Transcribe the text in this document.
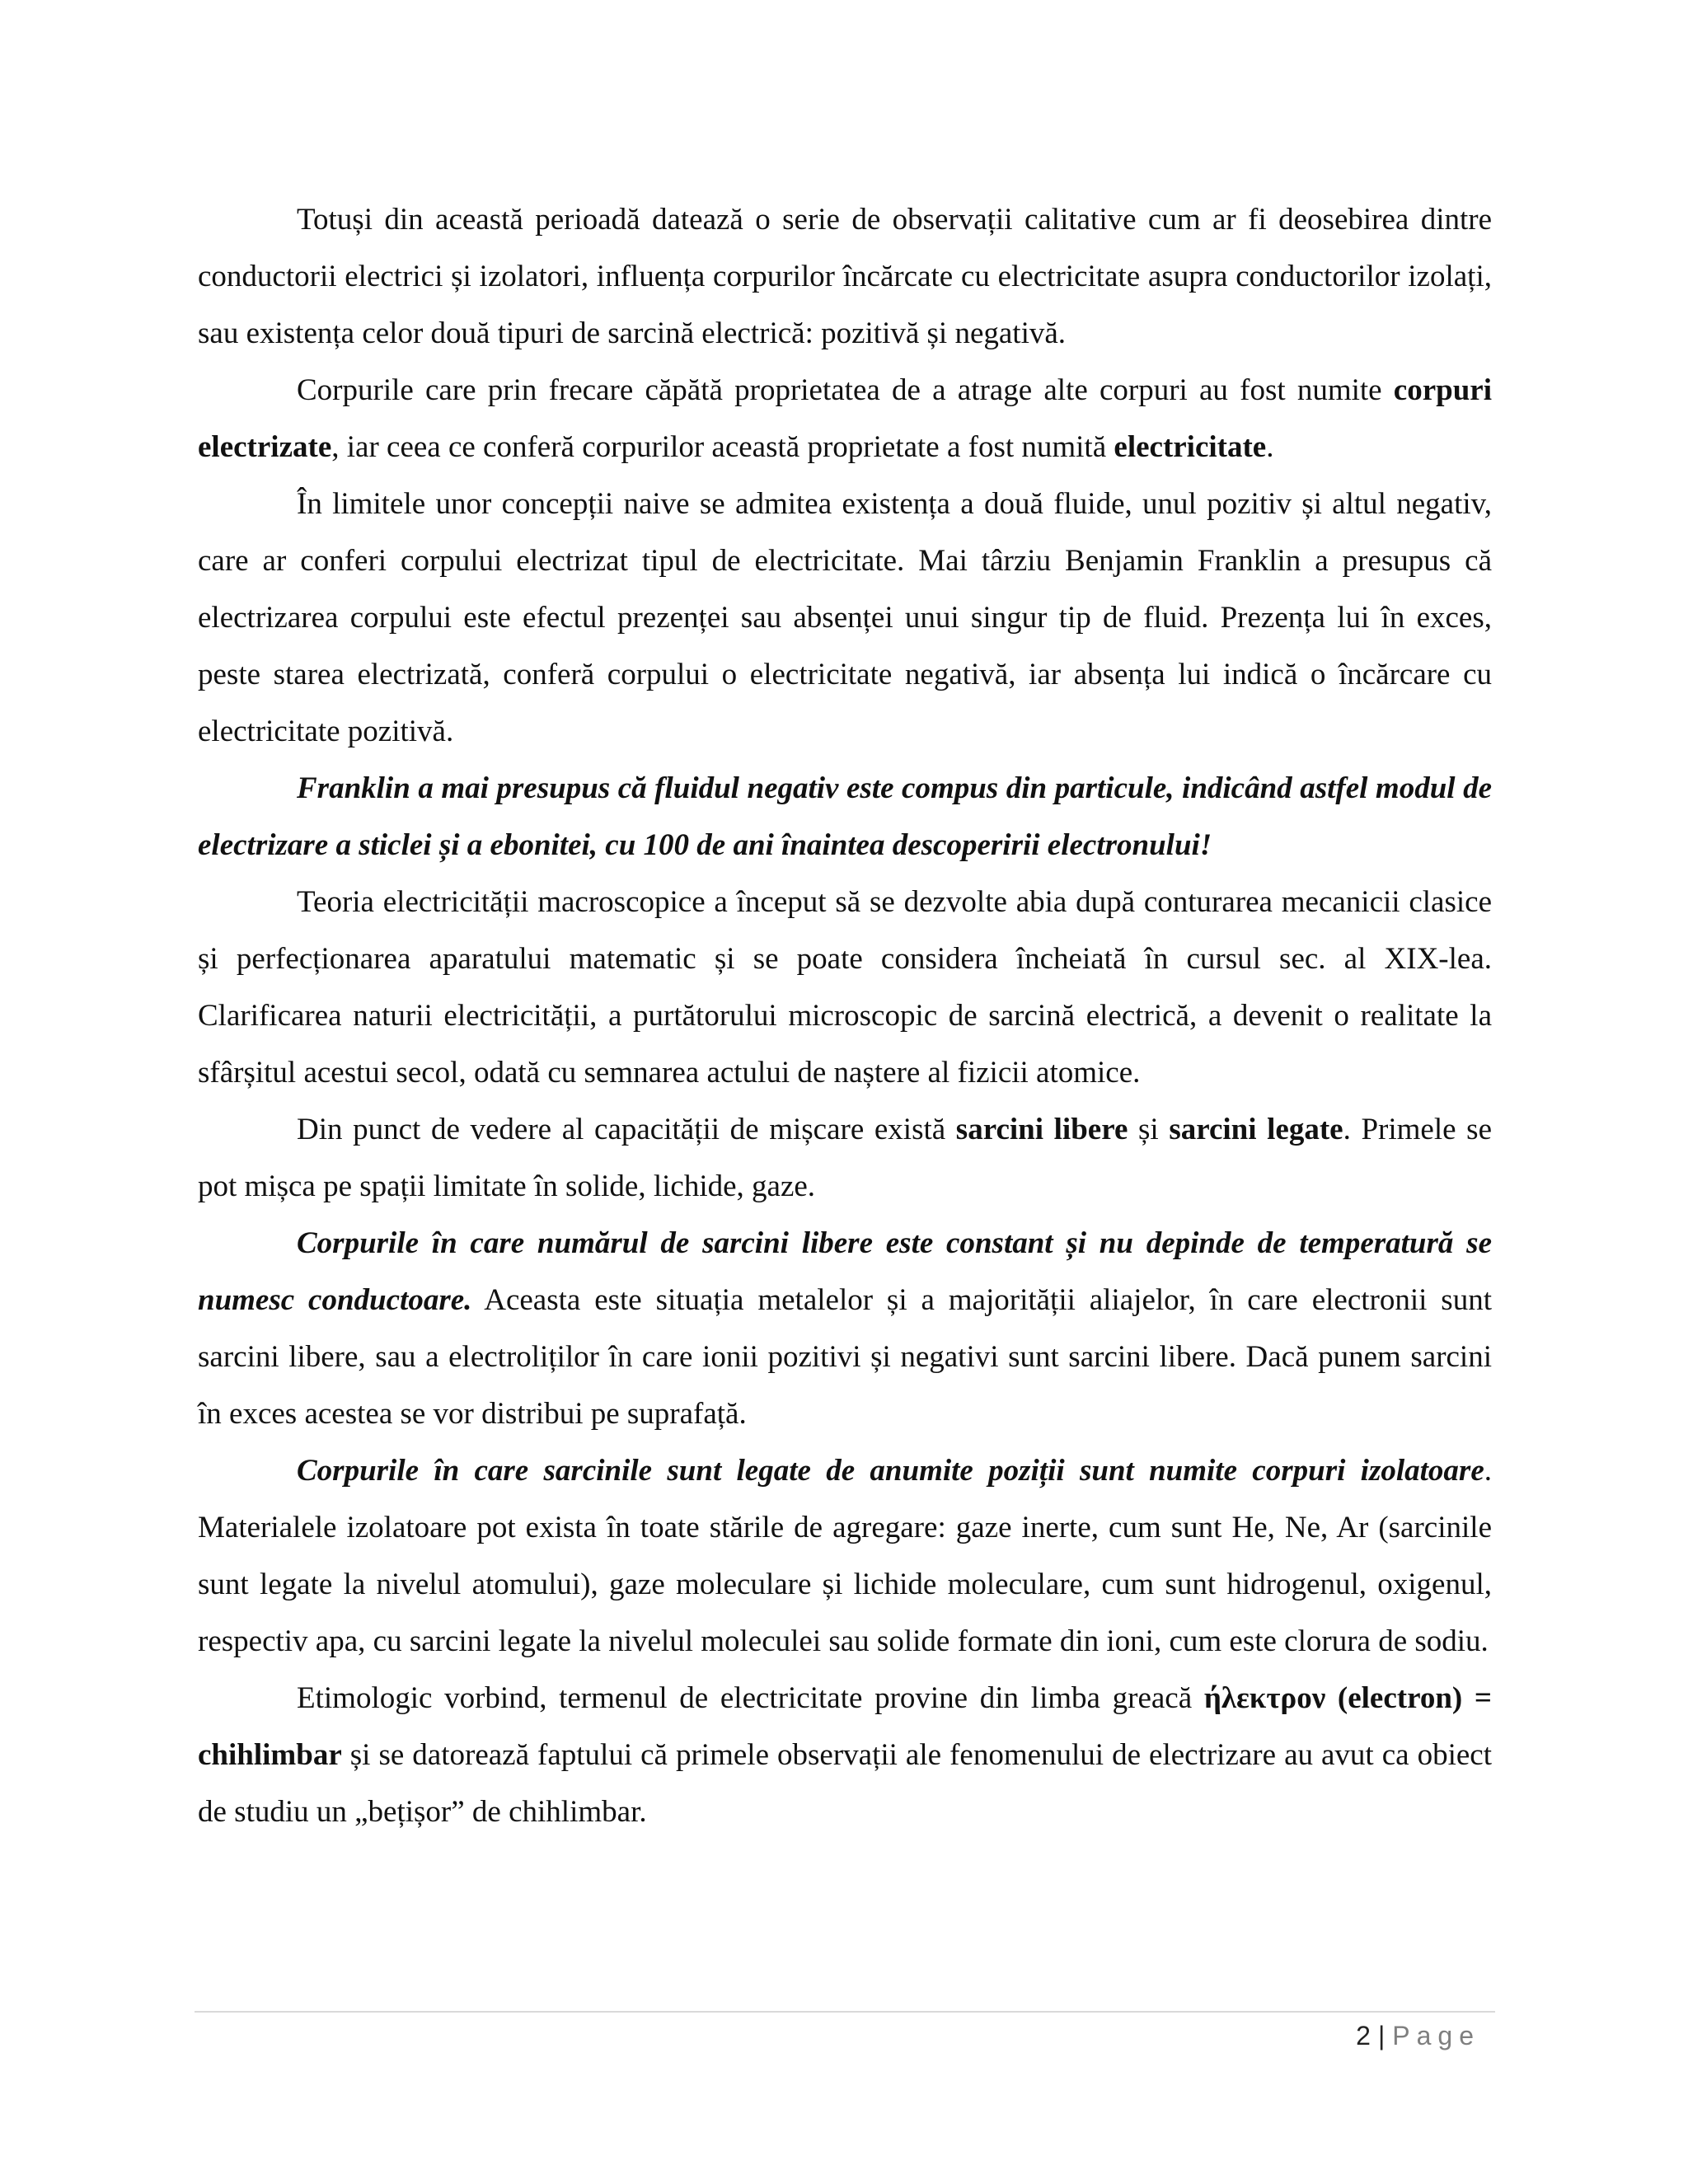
Totuși din această perioadă datează o serie de observații calitative cum ar fi deosebirea dintre conductorii electrici și izolatori, influența corpurilor încărcate cu electricitate asupra conductorilor izolați, sau existența celor două tipuri de sarcină electrică: pozitivă și negativă.

Corpurile care prin frecare căpătă proprietatea de a atrage alte corpuri au fost numite corpuri electrizate, iar ceea ce conferă corpurilor această proprietate a fost numită electricitate.

În limitele unor concepții naive se admitea existența a două fluide, unul pozitiv și altul negativ, care ar conferi corpului electrizat tipul de electricitate. Mai târziu Benjamin Franklin a presupus că electrizarea corpului este efectul prezenței sau absenței unui singur tip de fluid. Prezența lui în exces, peste starea electrizată, conferă corpului o electricitate negativă, iar absența lui indică o încărcare cu electricitate pozitivă.

Franklin a mai presupus că fluidul negativ este compus din particule, indicând astfel modul de electrizare a sticlei și a ebonitei, cu 100 de ani înaintea descoperirii electronului!

Teoria electricității macroscopice a început să se dezvolte abia după conturarea mecanicii clasice și perfecționarea aparatului matematic și se poate considera încheiată în cursul sec. al XIX-lea. Clarificarea naturii electricității, a purtătorului microscopic de sarcină electrică, a devenit o realitate la sfârșitul acestui secol, odată cu semnarea actului de naștere al fizicii atomice.

Din punct de vedere al capacității de mișcare există sarcini libere și sarcini legate. Primele se pot mișca pe spații limitate în solide, lichide, gaze.

Corpurile în care numărul de sarcini libere este constant și nu depinde de temperatură se numesc conductoare. Aceasta este situația metalelor și a majorității aliajelor, în care electronii sunt sarcini libere, sau a electroliților în care ionii pozitivi și negativi sunt sarcini libere. Dacă punem sarcini în exces acestea se vor distribui pe suprafață.

Corpurile în care sarcinile sunt legate de anumite poziții sunt numite corpuri izolatoare. Materialele izolatoare pot exista în toate stările de agregare: gaze inerte, cum sunt He, Ne, Ar (sarcinile sunt legate la nivelul atomului), gaze moleculare și lichide moleculare, cum sunt hidrogenul, oxigenul, respectiv apa, cu sarcini legate la nivelul moleculei sau solide formate din ioni, cum este clorura de sodiu.

Etimologic vorbind, termenul de electricitate provine din limba greacă ήλεκτρον (electron) = chihlimbar și se datorează faptului că primele observații ale fenomenului de electrizare au avut ca obiect de studiu un „bețișor” de chihlimbar.

2 | Page
